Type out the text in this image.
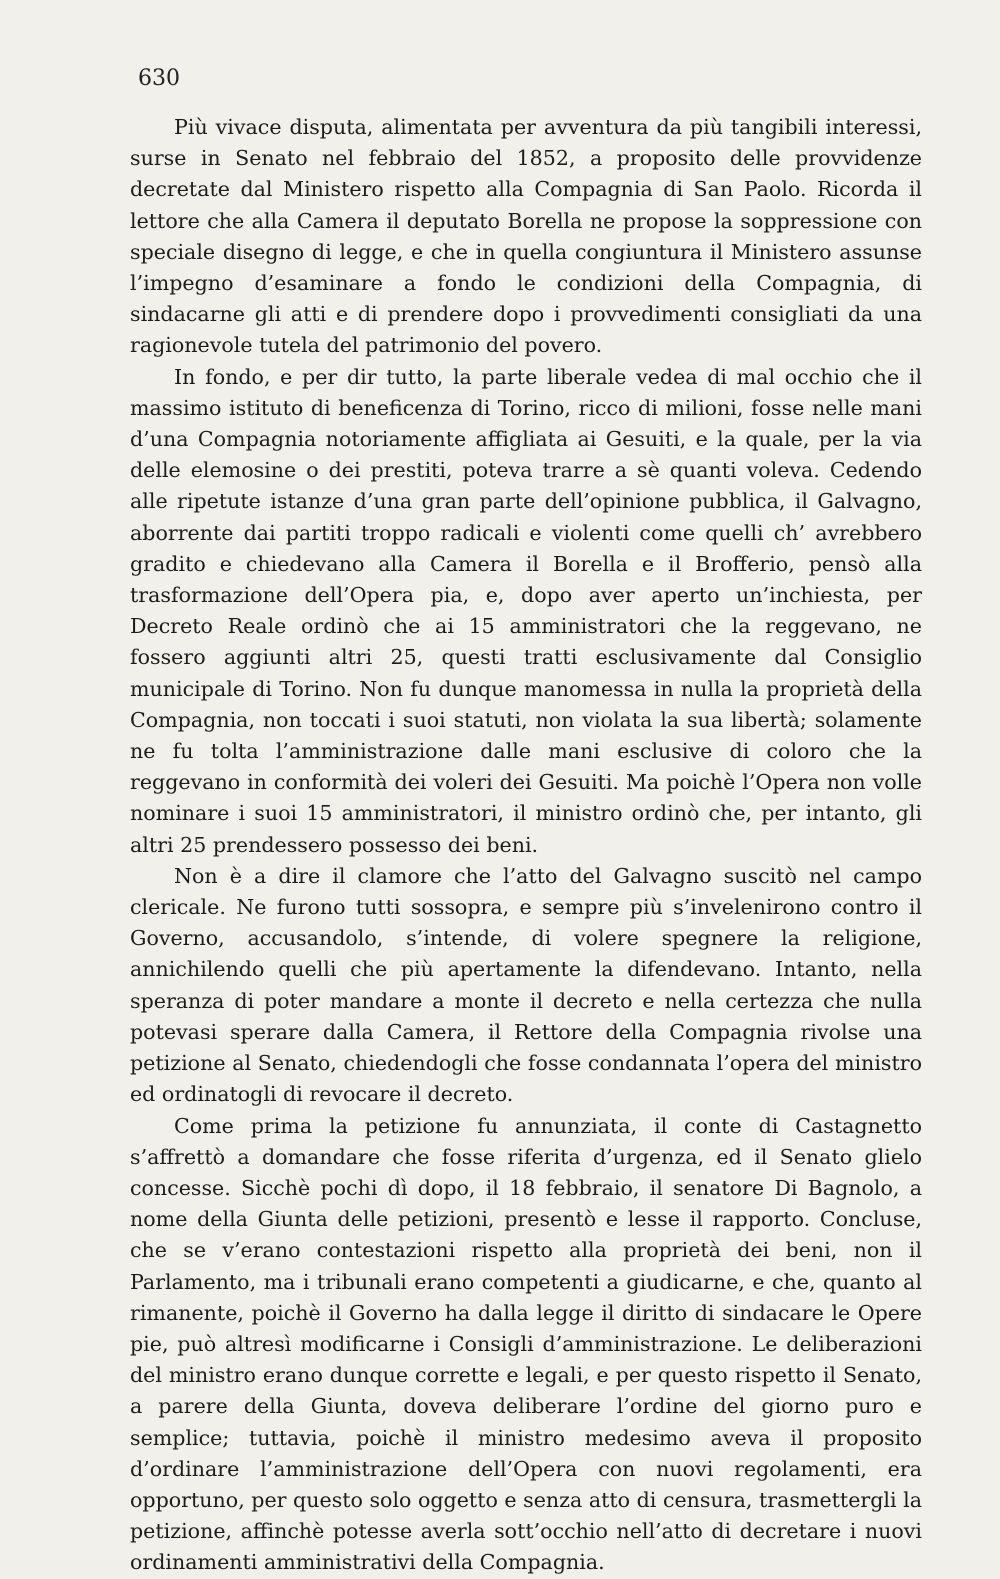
630

Più vivace disputa, alimentata per avventura da più tangibili interessi, surse in Senato nel febbraio del 1852, a proposito delle provvidenze decretate dal Ministero rispetto alla Compagnia di San Paolo. Ricorda il lettore che alla Camera il deputato Borella ne propose la soppressione con speciale disegno di legge, e che in quella congiuntura il Ministero assunse l’impegno d’esaminare a fondo le condizioni della Compagnia, di sindacarne gli atti e di prendere dopo i provvedimenti consigliati da una ragionevole tutela del patrimonio del povero.

In fondo, e per dir tutto, la parte liberale vedea di mal occhio che il massimo istituto di beneficenza di Torino, ricco di milioni, fosse nelle mani d’una Compagnia notoriamente affigliata ai Gesuiti, e la quale, per la via delle elemosine o dei prestiti, poteva trarre a sè quanti voleva. Cedendo alle ripetute istanze d’una gran parte dell’opinione pubblica, il Galvagno, aborrente dai partiti troppo radicali e violenti come quelli ch’ avrebbero gradito e chiedevano alla Camera il Borella e il Brofferio, pensò alla trasformazione dell’Opera pia, e, dopo aver aperto un’inchiesta, per Decreto Reale ordinò che ai 15 amministratori che la reggevano, ne fossero aggiunti altri 25, questi tratti esclusivamente dal Consiglio municipale di Torino. Non fu dunque manomessa in nulla la proprietà della Compagnia, non toccati i suoi statuti, non violata la sua libertà; solamente ne fu tolta l’amministrazione dalle mani esclusive di coloro che la reggevano in conformità dei voleri dei Gesuiti. Ma poichè l’Opera non volle nominare i suoi 15 amministratori, il ministro ordinò che, per intanto, gli altri 25 prendessero possesso dei beni.

Non è a dire il clamore che l’atto del Galvagno suscitò nel campo clericale. Ne furono tutti sossopra, e sempre più s’invelenirono contro il Governo, accusandolo, s’intende, di volere spegnere la religione, annichilendo quelli che più apertamente la difendevano. Intanto, nella speranza di poter mandare a monte il decreto e nella certezza che nulla potevasi sperare dalla Camera, il Rettore della Compagnia rivolse una petizione al Senato, chiedendogli che fosse condannata l’opera del ministro ed ordinatogli di revocare il decreto.

Come prima la petizione fu annunziata, il conte di Castagnetto s’affrettò a domandare che fosse riferita d’urgenza, ed il Senato glielo concesse. Sicchè pochi dì dopo, il 18 febbraio, il senatore Di Bagnolo, a nome della Giunta delle petizioni, presentò e lesse il rapporto. Concluse, che se v’erano contestazioni rispetto alla proprietà dei beni, non il Parlamento, ma i tribunali erano competenti a giudicarne, e che, quanto al rimanente, poichè il Governo ha dalla legge il diritto di sindacare le Opere pie, può altresì modificarne i Consigli d’amministrazione. Le deliberazioni del ministro erano dunque corrette e legali, e per questo rispetto il Senato, a parere della Giunta, doveva deliberare l’ordine del giorno puro e semplice; tuttavia, poichè il ministro medesimo aveva il proposito d’ordinare l’amministrazione dell’Opera con nuovi regolamenti, era opportuno, per questo solo oggetto e senza atto di censura, trasmettergli la petizione, affinchè potesse averla sott’occhio nell’atto di decretare i nuovi ordinamenti amministrativi della Compagnia.
